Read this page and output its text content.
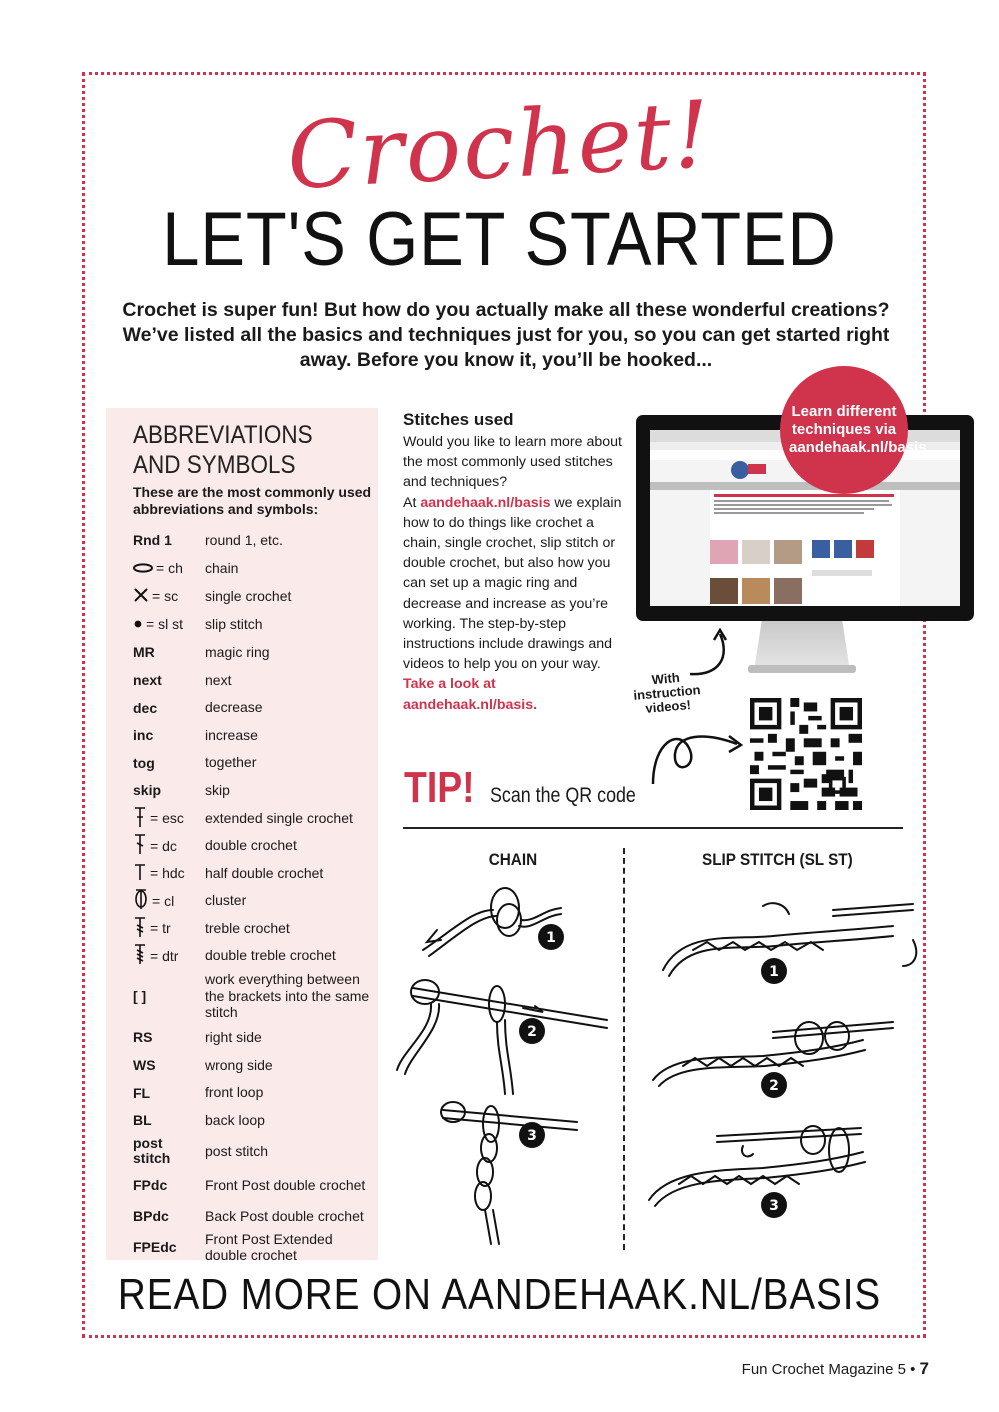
Crochet!
LET'S GET STARTED
Crochet is super fun! But how do you actually make all these wonderful creations? We’ve listed all the basics and techniques just for you, so you can get started right away. Before you know it, you’ll be hooked...
ABBREVIATIONS
AND SYMBOLS
These are the most commonly used abbreviations and symbols:
Rnd 1 round 1, etc.
= ch chain
= sc single crochet
= sl st slip stitch
MR	magic ring
next	next
dec	decrease
inc	increase
tog	together
skip	skip
= esc extended single crochet
= dc double crochet
= hdc half double crochet
= cl cluster
= tr treble crochet
= dtr double treble crochet
[ ]
work everything between the brackets into the same stitch
RS	right side
WS	wrong side
FL	front loop
BL	back loop
post stitch	post stitch
FPdc	Front Post double crochet
BPdc	Back Post double crochet
FPEdc
Front Post Extended double crochet
Stitches used
Would you like to learn more about the most commonly used stitches and techniques?
At aandehaak.nl/basis we explain how to do things like crochet a chain, single crochet, slip stitch or double crochet, but also how you can set up a magic ring and decrease and increase as you’re working. The step-by-step instructions include drawings and videos to help you on your way. Take a look at aandehaak.nl/basis.
Learn different techniques via aandehaak.nl/basis
With instruction videos!
TIP! Scan the QR code
CHAIN	SLIP STITCH (SL ST)
1
2
3
1
2
3
READ MORE ON AANDEHAAK.NL/BASIS
Fun Crochet Magazine 5 • 7
